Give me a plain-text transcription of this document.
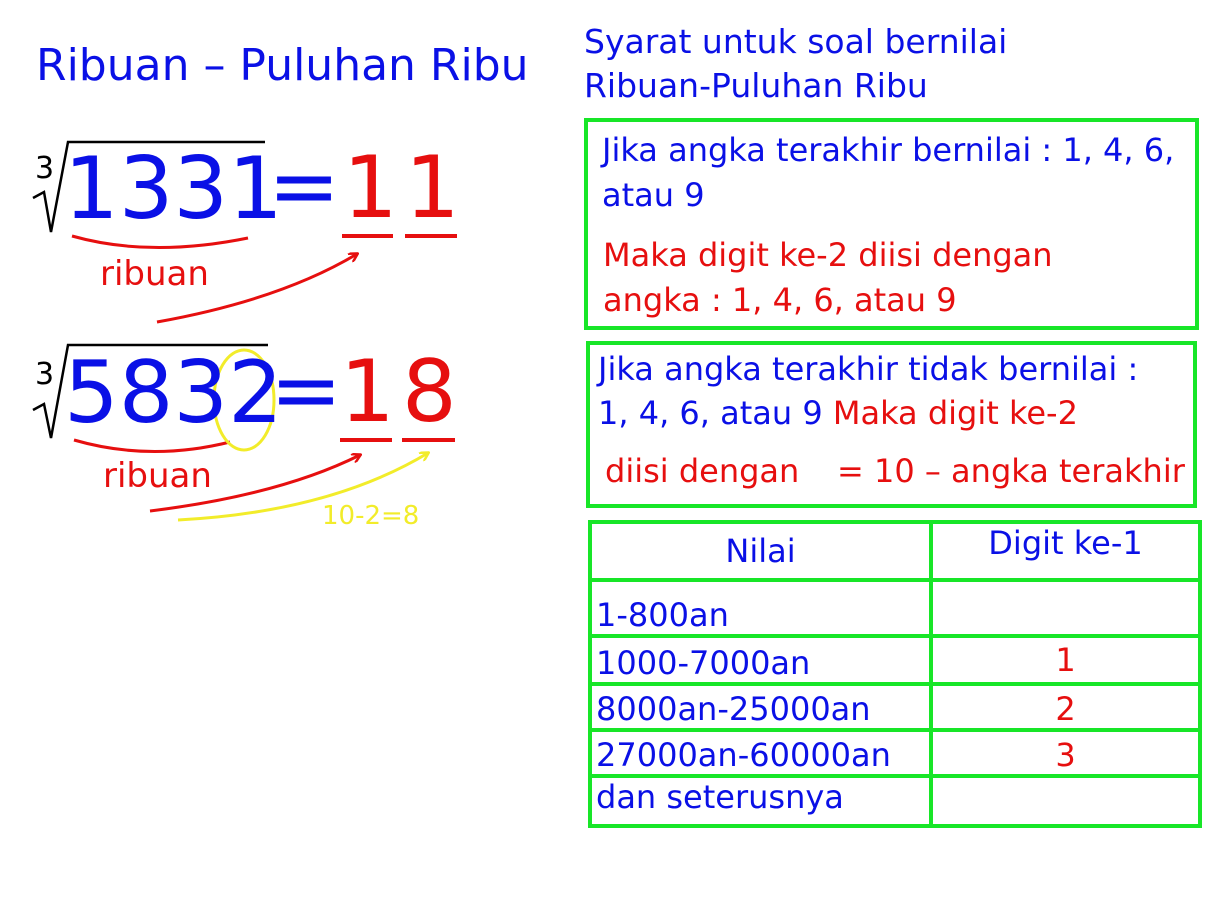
Ribuan – Puluhan Ribu
3 1331
= 1 1
ribuan
3 5832
=
1 8
ribuan
10-2=8
Syarat untuk soal bernilai
Ribuan-Puluhan Ribu
Jika angka terakhir bernilai : 1, 4, 6,
atau 9
Maka digit ke-2 diisi dengan
angka : 1, 4, 6, atau 9
Jika angka terakhir tidak bernilai :
1, 4, 6, atau 9 Maka digit ke-2
diisi dengan = 10 – angka terakhir
Nilai	Digit ke-1
1-800an	
1000-7000an	1
8000an-25000an	2
27000an-60000an	3
dan seterusnya	
